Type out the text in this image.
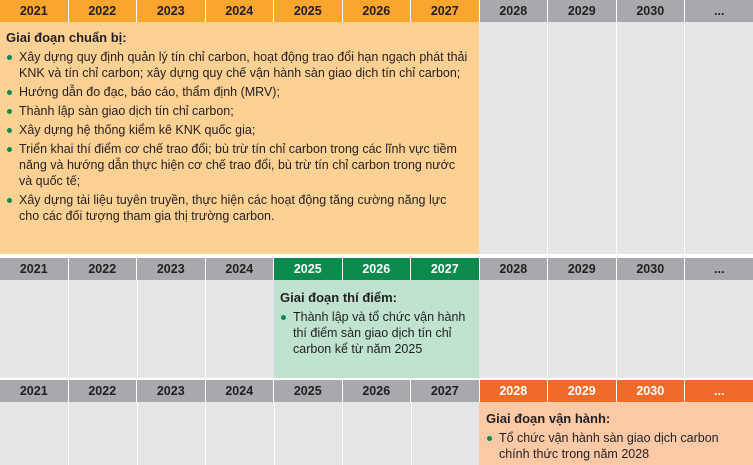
2021	2022	2023	2024	2025	2026	2027	2028	2029	2030	...
Giai đoạn chuẩn bị:
Xây dựng quy định quản lý tín chỉ carbon, hoạt động trao đổi hạn ngạch phát thải KNK và tín chỉ carbon; xây dựng quy chế vận hành sàn giao dịch tín chỉ carbon;
Hướng dẫn đo đạc, báo cáo, thẩm định (MRV);
Thành lập sàn giao dịch tín chỉ carbon;
Xây dựng hệ thống kiểm kê KNK quốc gia;
Triển khai thí điểm cơ chế trao đổi; bù trừ tín chỉ carbon trong các lĩnh vực tiềm năng và hướng dẫn thực hiện cơ chế trao đổi, bù trừ tín chỉ carbon trong nước và quốc tế;
Xây dựng tài liệu tuyên truyền, thực hiện các hoạt động tăng cường năng lực cho các đối tượng tham gia thị trường carbon.
2021	2022	2023	2024	2025	2026	2027	2028	2029	2030	...
Giai đoạn thí điểm:
Thành lập và tổ chức vận hành thí điểm sàn giao dịch tín chỉ carbon kể từ năm 2025
2021	2022	2023	2024	2025	2026	2027	2028	2029	2030	...
Giai đoạn vận hành:
Tổ chức vận hành sàn giao dịch carbon chính thức trong năm 2028
